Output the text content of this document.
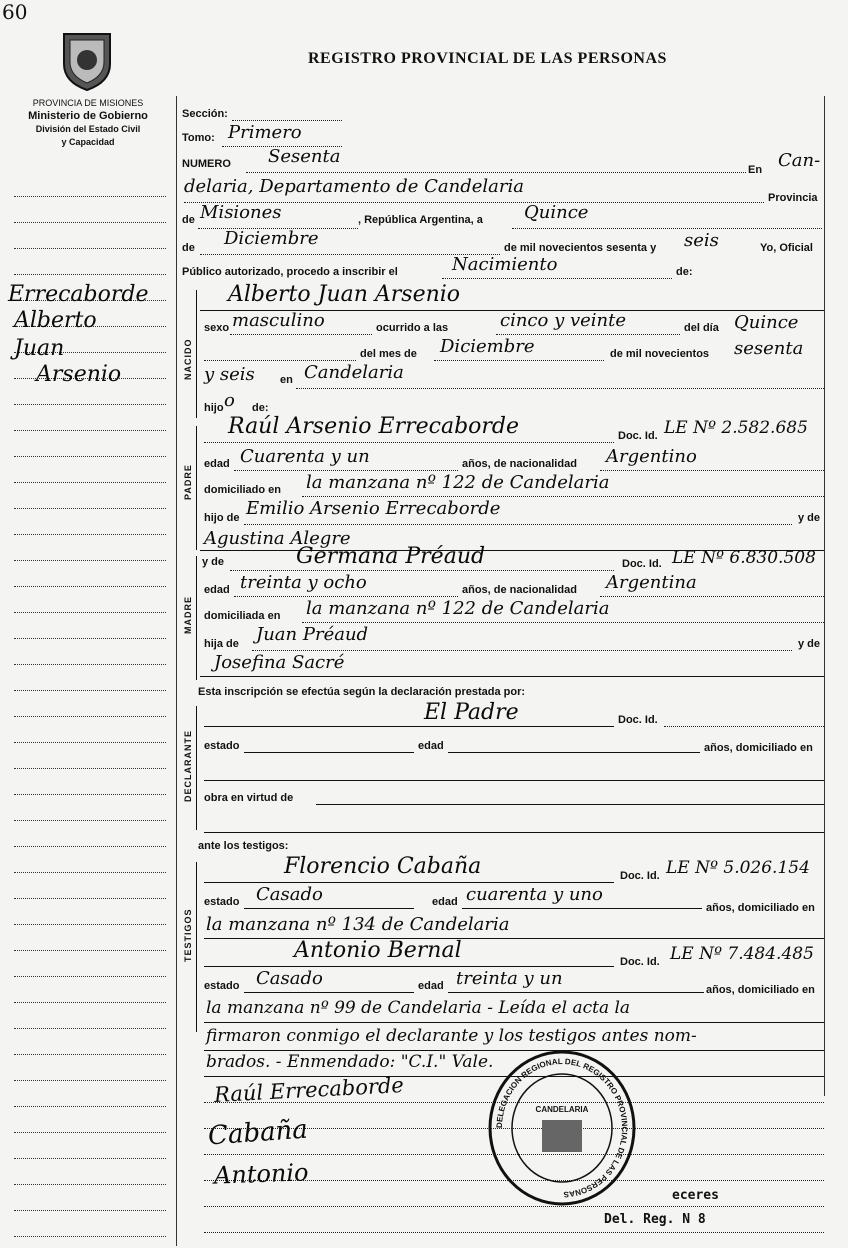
60
PROVINCIA DE MISIONES
Ministerio de Gobierno
División del Estado Civil
y Capacidad
REGISTRO PROVINCIAL DE LAS PERSONAS
Errecaborde
Alberto
Juan
Arsenio
Sección:
Tomo: Primero
NUMERO Sesenta
En Can-
delaria, Departamento de Candelaria
Provincia
de Misiones	, República Argentina, a Quince
de Diciembre	de mil novecientos sesenta y seis	Yo, Oficial
Público autorizado, procedo a inscribir el	Nacimiento	de:
NACIDO
Alberto Juan Arsenio
sexo masculino	ocurrido a las	cinco y veinte	del día Quince
del mes de Diciembre	de mil novecientos sesenta
y seis en Candelaria
hijo o de:
PADRE
Raúl Arsenio Errecaborde	Doc. Id. LE Nº 2.582.685
edad Cuarenta y un	años, de nacionalidad Argentino
domiciliado en la manzana nº 122 de Candelaria
hijo de Emilio Arsenio Errecaborde	y de
Agustina Alegre
y de
MADRE
Germana Préaud	Doc. Id. LE Nº 6.830.508
edad treinta y ocho	años, de nacionalidad Argentina
domiciliada en la manzana nº 122 de Candelaria
hija de Juan Préaud	y de
Josefina Sacré
Esta inscripción se efectúa según la declaración prestada por:
DECLARANTE
El Padre	Doc. Id.
estado	edad	años, domiciliado en
obra en virtud de
ante los testigos:
TESTIGOS
Florencio Cabaña	Doc. Id. LE Nº 5.026.154
estado Casado	edad cuarenta y uno
años, domiciliado en
la manzana nº 134 de Candelaria
Antonio Bernal	Doc. Id. LE Nº 7.484.485
estado Casado	edad treinta y un
años, domiciliado en
la manzana nº 99 de Candelaria - Leída el acta la
firmaron conmigo el declarante y los testigos antes nom-
brados. - Enmendado: "C.I." Vale.
Raúl Errecaborde
Cabaña
Antonio
DELEGACION REGIONAL DEL REGISTRO PROVINCIAL DE LAS PERSONAS
CANDELARIA
eceres
Del. Reg. N 8
